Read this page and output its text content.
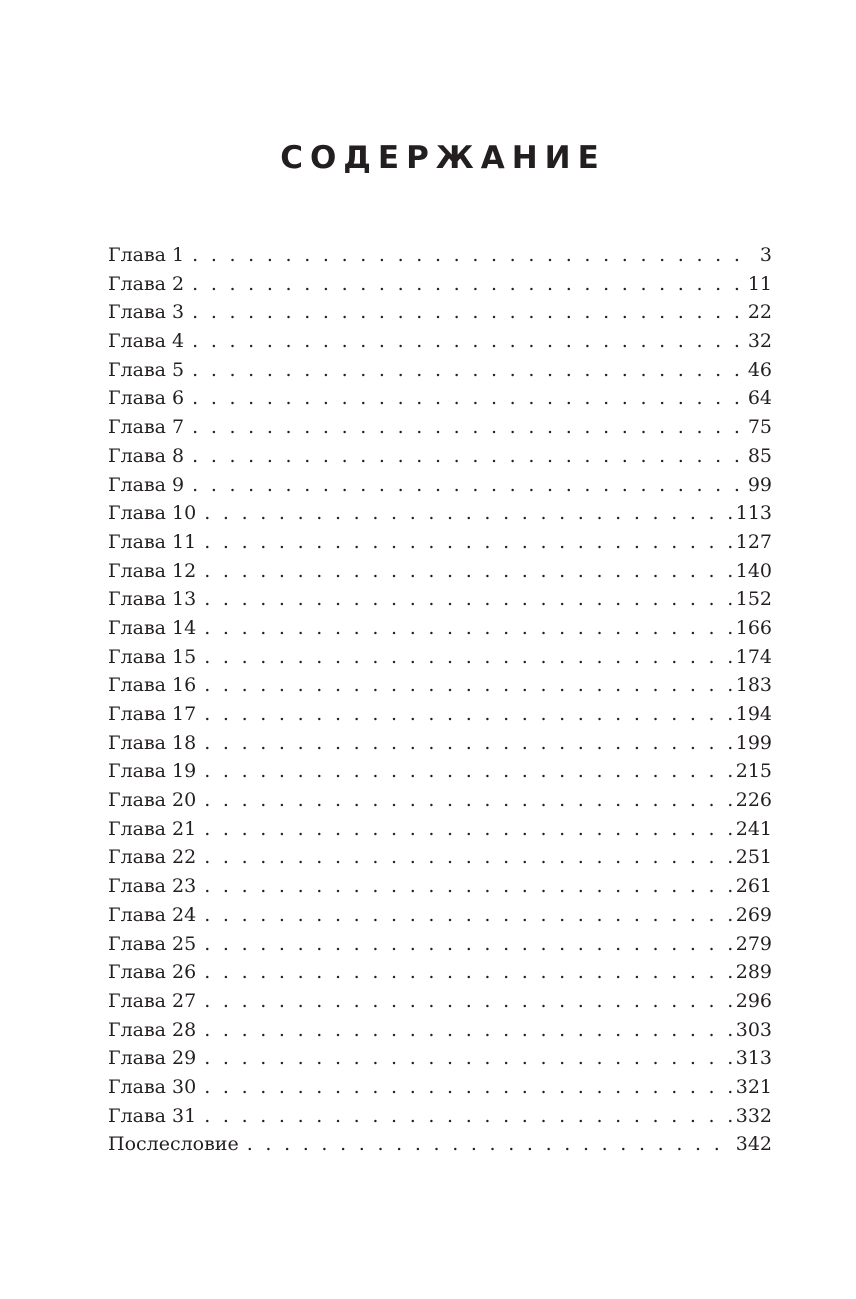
СОДЕРЖАНИЕ
Глава 1 . . .	3
Глава 2 . . .	11
Глава 3 . . .	22
Глава 4 . . .	32
Глава 5 . . .	46
Глава 6 . . .	64
Глава 7 . . .	75
Глава 8 . . .	85
Глава 9 . . .	99
Глава 10 . . .	113
Глава 11 . . .	127
Глава 12 . . .	140
Глава 13 . . .	152
Глава 14 . . .	166
Глава 15 . . .	174
Глава 16 . . .	183
Глава 17 . . .	194
Глава 18 . . .	199
Глава 19 . . .	215
Глава 20 . . .	226
Глава 21 . . .	241
Глава 22 . . .	251
Глава 23 . . .	261
Глава 24 . . .	269
Глава 25 . . .	279
Глава 26 . . .	289
Глава 27 . . .	296
Глава 28 . . .	303
Глава 29 . . .	313
Глава 30 . . .	321
Глава 31 . . .	332
Послесловие . . .	342
